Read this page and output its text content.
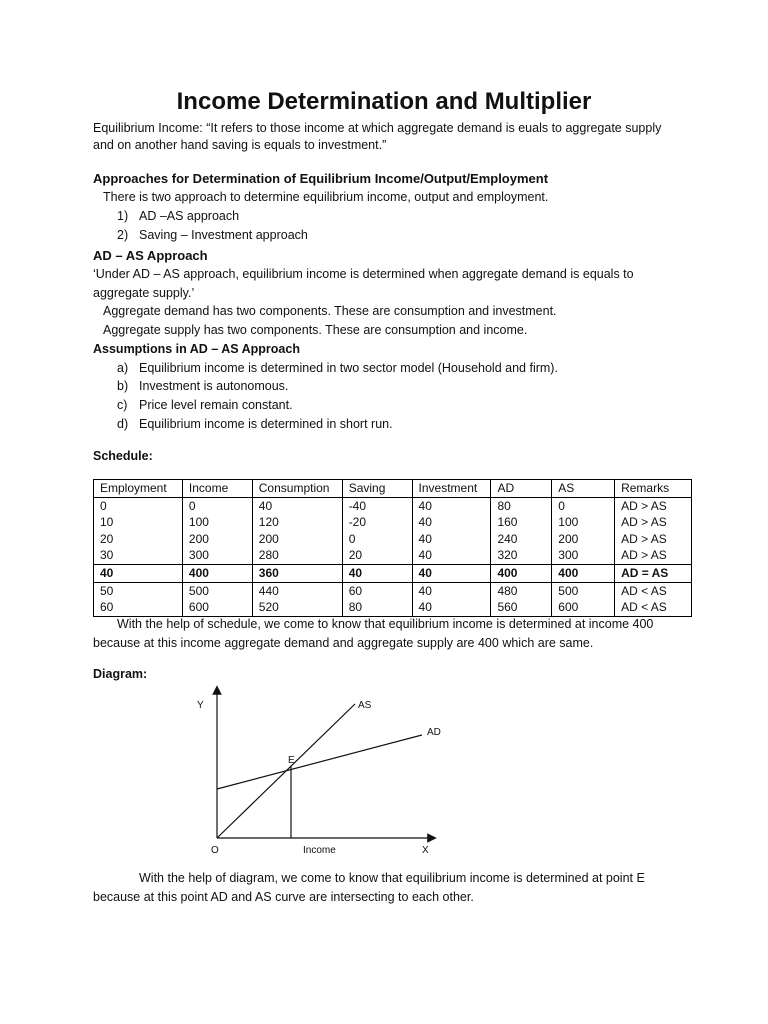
Income Determination and Multiplier
Equilibrium Income: “It refers to those income at which aggregate demand is euals to aggregate supply
and on another hand saving is equals to investment.”
Approaches for Determination of Equilibrium Income/Output/Employment
There is two approach to determine equilibrium income, output and employment.
1) AD –AS approach
2) Saving – Investment approach
AD – AS Approach
‘Under AD – AS approach, equilibrium income is determined when aggregate demand is equals to
aggregate supply.’
Aggregate demand has two components. These are consumption and investment.
Aggregate supply has two components. These are consumption and income.
Assumptions in AD – AS Approach
a) Equilibrium income is determined in two sector model (Household and firm).
b) Investment is autonomous.
c) Price level remain constant.
d) Equilibrium income is determined in short run.
Schedule:
Employment	Income	Consumption	Saving	Investment	AD	AS	Remarks
0	0	40	-40	40	80	0	AD > AS
10	100	120	-20	40	160	100	AD > AS
20	200	200	0	40	240	200	AD > AS
30	300	280	20	40	320	300	AD > AS
40	400	360	40	40	400	400	AD = AS
50	500	440	60	40	480	500	AD < AS
60	600	520	80	40	560	600	AD < AS
With the help of schedule, we come to know that equilibrium income is determined at income 400
because at this income aggregate demand and aggregate supply are 400 which are same.
Diagram:
Y
X
O
AS
AD
E
Income
With the help of diagram, we come to know that equilibrium income is determined at point E
because at this point AD and AS curve are intersecting to each other.
